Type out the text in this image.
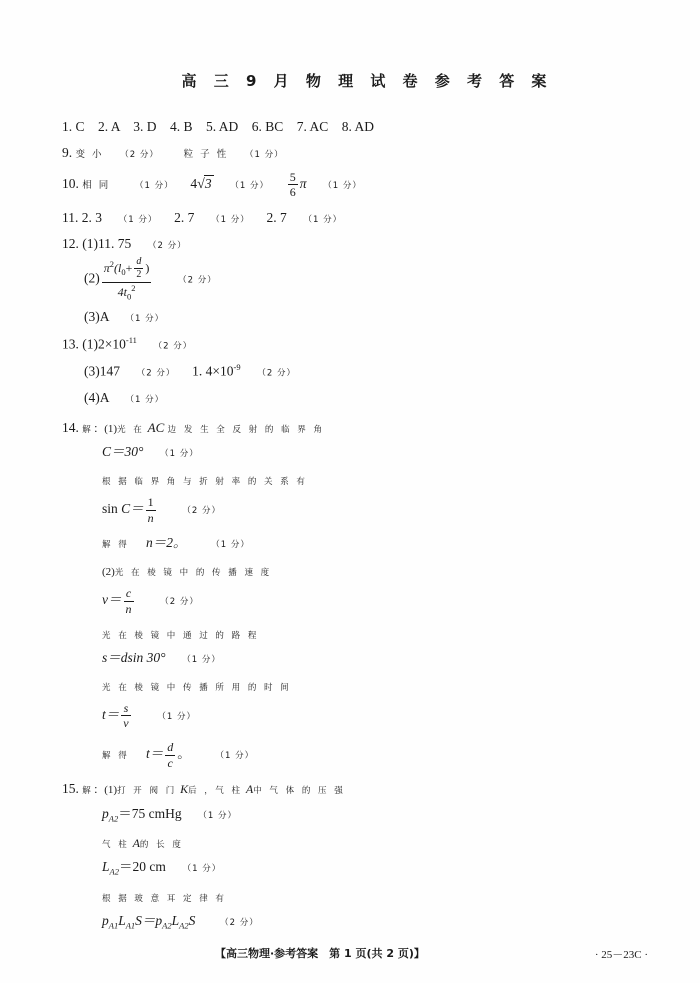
高 三 9 月 物 理 试 卷 参 考 答 案
1. C　2. A　3. D　4. B　5. AD　6. BC　7. AC　8. AD
9. 变 小 （2 分）	粒 子 性 （1 分）
10. 相 同	（1 分） 4√3 （1 分） $\frac{5}{6}$ π （1 分）
11. 2. 3 （1 分） 2. 7 （1 分） 2. 7 （1 分）
12. (1)11. 75 （2 分）
$(2) \frac{\pi^2(l_0+ \frac{d}{2} )}{4t_0^2}$	（2 分）
(3)A （1 分）
13. $(1)2\times 10^{-11}$  （2 分）
(3)147 （2 分） 1. $4\times 10^{-9}$  （2 分）
(4)A （1 分）
14. 解：(1)光 在 AC 边 发 生 全 反 射 的 临 界 角
C＝30° （1 分）
根 据 临 界 角 与 折 射 率 的 关 系 有
$\sin C= \frac{1}{n}$	（2 分）
解 得 n＝2。	（1 分）
(2)光 在 棱 镜 中 的 传 播 速 度
$v= \frac{c}{n}$	（2 分）
光 在 棱 镜 中 通 过 的 路 程
s＝dsin 30° （1 分）
光 在 棱 镜 中 传 播 所 用 的 时 间
$t= \frac{s}{v}$	（1 分）
解 得 $t= \frac{d}{c}$ 。	（1 分）
15. 解：(1)打 开 阀 门 K后 ，气 柱 A中 气 体 的 压 强
$p_{A2}=75$ cmHg （1 分）
气 柱 A的 长 度
$L_{A2}=20$ cm （1 分）
根 据 玻 意 耳 定 律 有
$p_{A1}L_{A1}S=p_{A2}L_{A2}S$	（2 分）
【高三物理·参考答案　第 1 页(共 2 页)】	· 25－23C ·
